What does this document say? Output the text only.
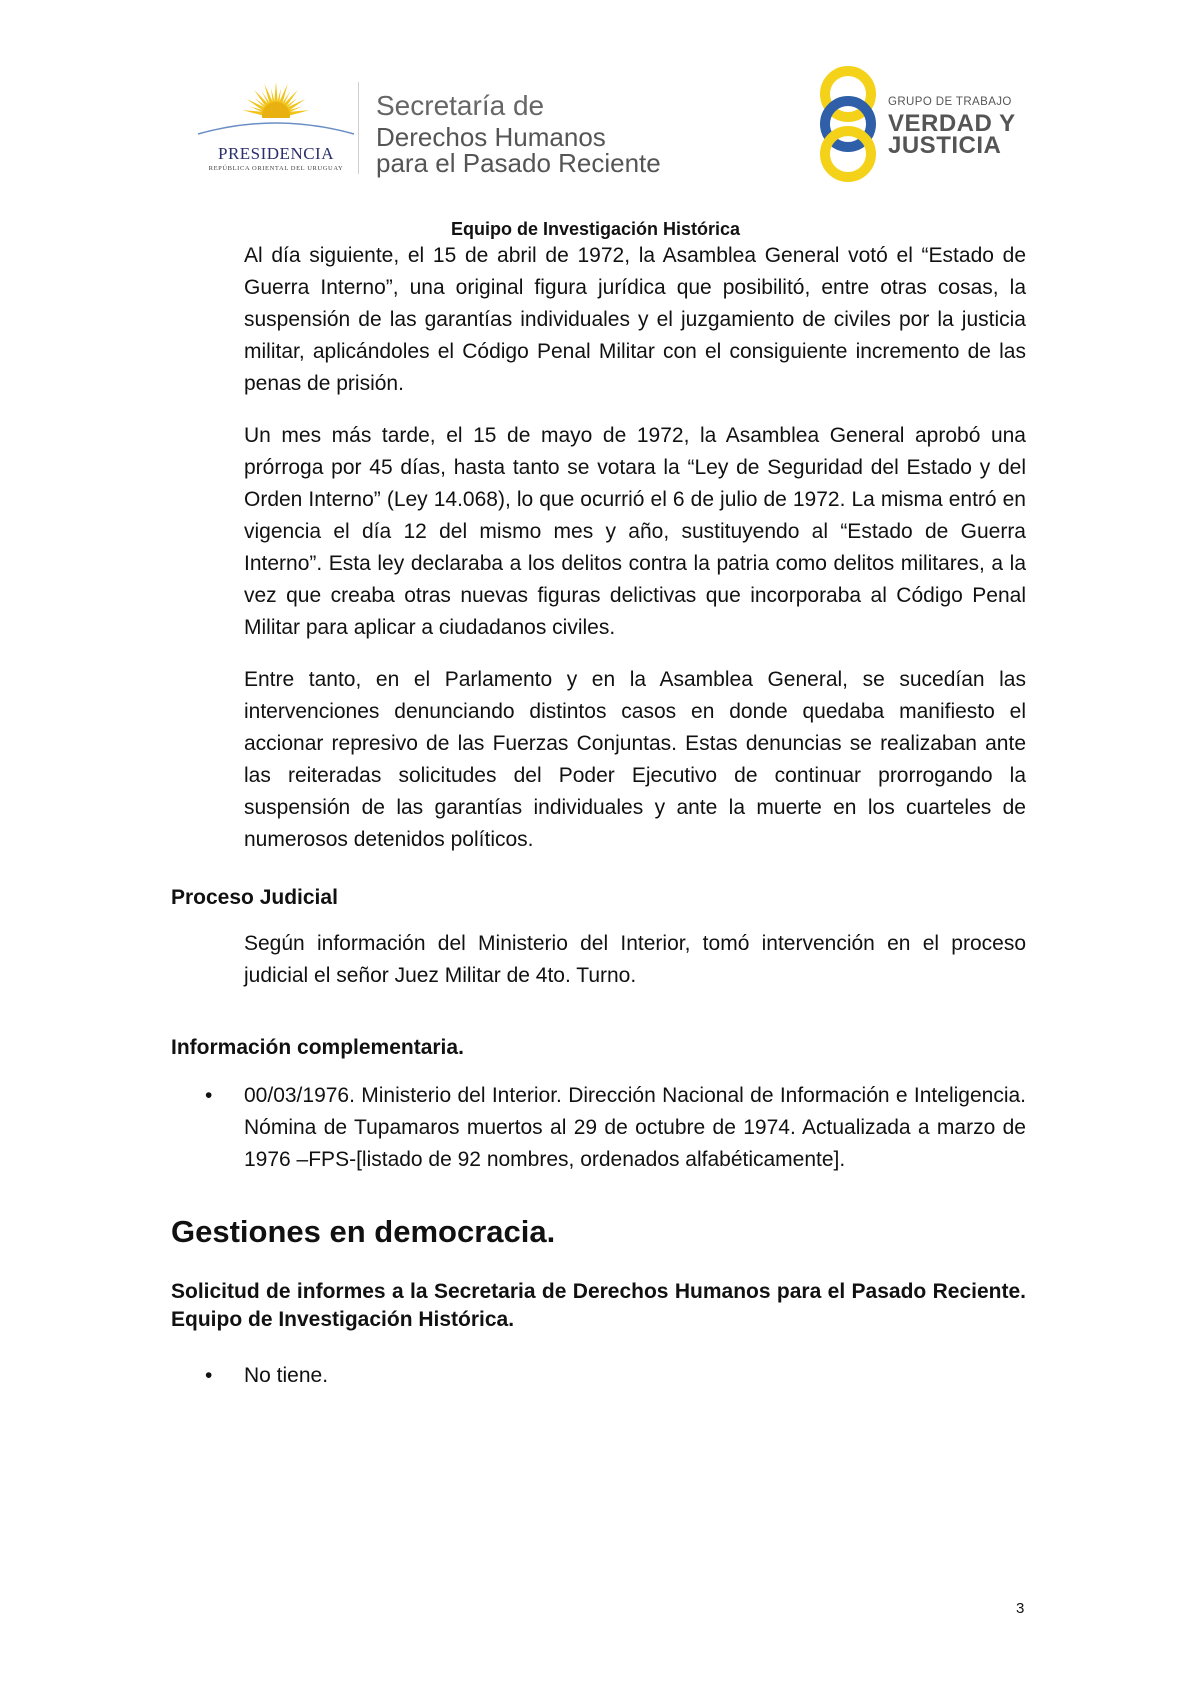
PRESIDENCIA
REPÚBLICA ORIENTAL DEL URUGUAY
Secretaría de
Derechos Humanos
para el Pasado Reciente
GRUPO DE TRABAJO
VERDAD Y
JUSTICIA
Equipo de Investigación Histórica

Al día siguiente, el 15 de abril de 1972, la Asamblea General votó el “Estado de Guerra Interno”, una original figura jurídica que posibilitó, entre otras cosas, la suspensión de las garantías individuales y el juzgamiento de civiles por la justicia militar, aplicándoles el Código Penal Militar con el consiguiente incremento de las penas de prisión.

Un mes más tarde, el 15 de mayo de 1972, la Asamblea General aprobó una prórroga por 45 días, hasta tanto se votara la “Ley de Seguridad del Estado y del Orden Interno” (Ley 14.068), lo que ocurrió el 6 de julio de 1972. La misma entró en vigencia el día 12 del mismo mes y año, sustituyendo al “Estado de Guerra Interno”. Esta ley declaraba a los delitos contra la patria como delitos militares, a la vez que creaba otras nuevas figuras delictivas que incorporaba al Código Penal Militar para aplicar a ciudadanos civiles.

Entre tanto, en el Parlamento y en la Asamblea General, se sucedían las intervenciones denunciando distintos casos en donde quedaba manifiesto el accionar represivo de las Fuerzas Conjuntas. Estas denuncias se realizaban ante las reiteradas solicitudes del Poder Ejecutivo de continuar prorrogando la suspensión de las garantías individuales y ante la muerte en los cuarteles de numerosos detenidos políticos.

Proceso Judicial

Según información del Ministerio del Interior, tomó intervención en el proceso judicial el señor Juez Militar de 4to. Turno.

Información complementaria.

• 00/03/1976. Ministerio del Interior. Dirección Nacional de Información e Inteligencia. Nómina de Tupamaros muertos al 29 de octubre de 1974. Actualizada a marzo de 1976 –FPS-[listado de 92 nombres, ordenados alfabéticamente].

Gestiones en democracia.

Solicitud de informes a la Secretaria de Derechos Humanos para el Pasado Reciente. Equipo de Investigación Histórica.

• No tiene.

3
